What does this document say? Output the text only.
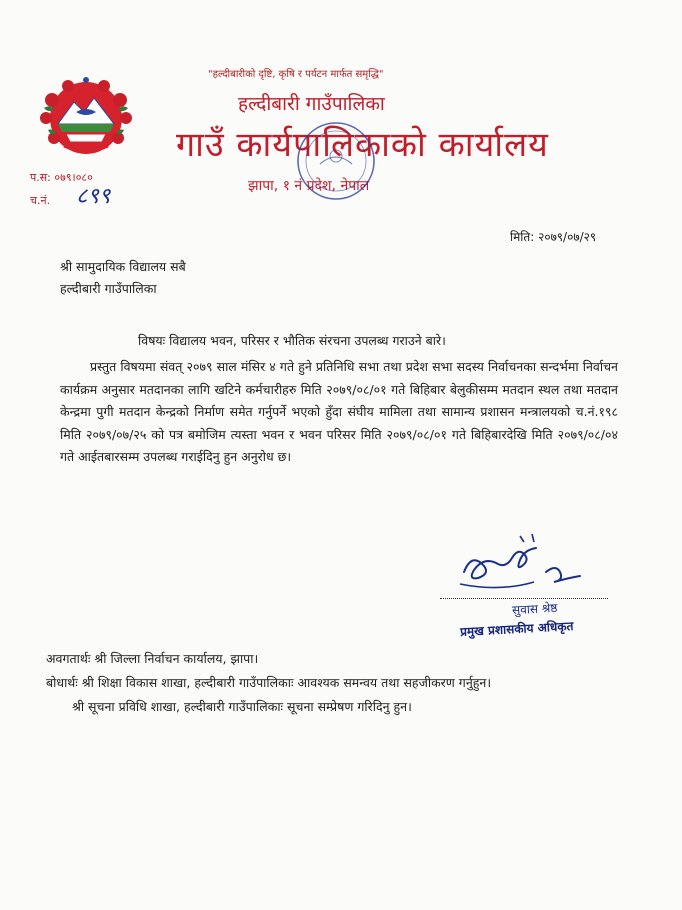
"हल्दीबारीको दृष्टि, कृषि र पर्यटन मार्फत समृद्धि"
हल्दीबारी गाउँपालिका
गाउँ कार्यपालिकाको कार्यालय
झापा, १ नं प्रदेश, नेपाल
प.स: ०७९।०८०
च.नं. ८९९
मिति: २०७९/०७/२९
श्री सामुदायिक विद्यालय सबै
हल्दीबारी गाउँपालिका
विषयः विद्यालय भवन, परिसर र भौतिक संरचना उपलब्ध गराउने बारे।
प्रस्तुत विषयमा संवत् २०७९ साल मंसिर ४ गते हुने प्रतिनिधि सभा तथा प्रदेश सभा सदस्य निर्वाचनका सन्दर्भमा निर्वाचन कार्यक्रम अनुसार मतदानका लागि खटिने कर्मचारीहरु मिति २०७९/०८/०१ गते बिहिबार बेलुकीसम्म मतदान स्थल तथा मतदान केन्द्रमा पुगी मतदान केन्द्रको निर्माण समेत गर्नुपर्ने भएको हुँदा संघीय मामिला तथा सामान्य प्रशासन मन्त्रालयको च.नं.१९८ मिति २०७९/०७/२५ को पत्र बमोजिम त्यस्ता भवन र भवन परिसर मिति २०७९/०८/०१ गते बिहिबारदेखि मिति २०७९/०८/०४ गते आईतबारसम्म उपलब्ध गराईदिनु हुन अनुरोध छ।
सुवास श्रेष्ठ
प्रमुख प्रशासकीय अधिकृत
अवगतार्थः श्री जिल्ला निर्वाचन कार्यालय, झापा।
बोधार्थः श्री शिक्षा विकास शाखा, हल्दीबारी गाउँपालिकाः आवश्यक समन्वय तथा सहजीकरण गर्नुहुन।
श्री सूचना प्रविधि शाखा, हल्दीबारी गाउँपालिकाः सूचना सम्प्रेषण गरिदिनु हुन।
